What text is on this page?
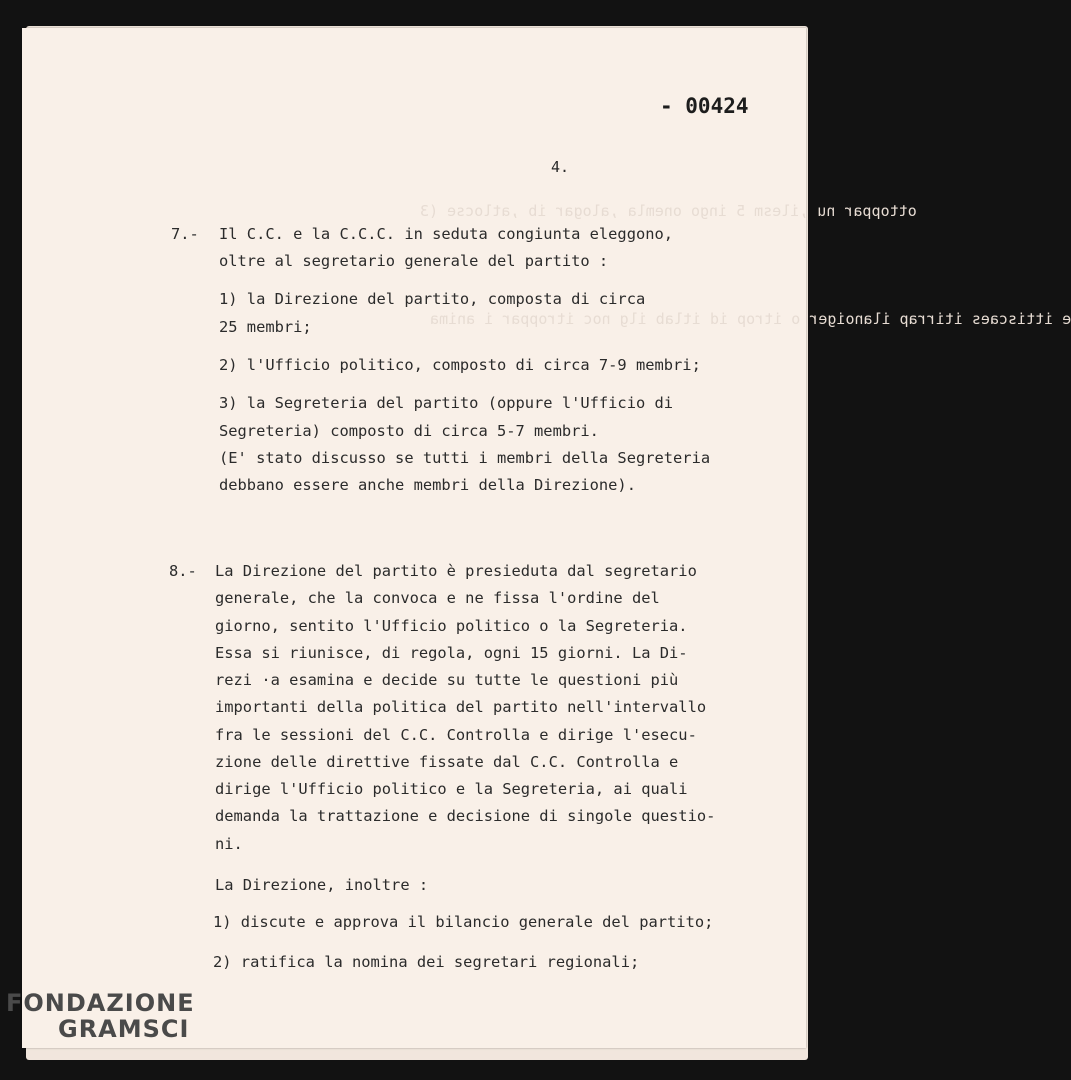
ottoppar nu ,ilesm 5 ingo onemla ,alogar ib ,atlocse (3
e ittiscaes itirrap ilanoiger o itrop id itlab ilg noc itroppar i anima
- 00424
4.
7.- Il C.C. e la C.C.C. in seduta congiunta eleggono,
oltre al segretario generale del partito :
1) la Direzione del partito, composta di circa
25 membri;
2) l'Ufficio politico, composto di circa 7-9 membri;
3) la Segreteria del partito (oppure l'Ufficio di
Segreteria) composto di circa 5-7 membri.
(E' stato discusso se tutti i membri della Segreteria
debbano essere anche membri della Direzione).
8.- La Direzione del partito è presieduta dal segretario
generale, che la convoca e ne fissa l'ordine del
giorno, sentito l'Ufficio politico o la Segreteria.
Essa si riunisce, di regola, ogni 15 giorni. La Di-
rezi ·a esamina e decide su tutte le questioni più
importanti della politica del partito nell'intervallo
fra le sessioni del C.C. Controlla e dirige l'esecu-
zione delle direttive fissate dal C.C. Controlla e
dirige l'Ufficio politico e la Segreteria, ai quali
demanda la trattazione e decisione di singole questio-
ni.
La Direzione, inoltre :
1) discute e approva il bilancio generale del partito;
2) ratifica la nomina dei segretari regionali;
FONDAZIONE
GRAMSCI
